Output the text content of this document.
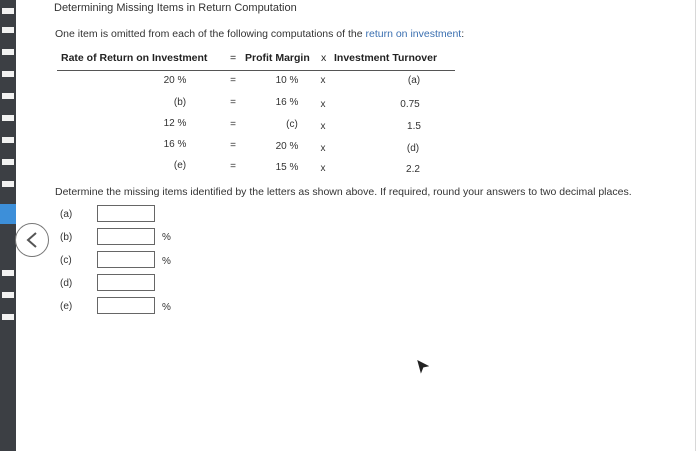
Determining Missing Items in Return Computation
One item is omitted from each of the following computations of the return on investment:
Rate of Return on Investment = Profit Margin x Investment Turnover
20 %	=	10 % x	(a)
(b)	=	16 % x	0.75
12 %	=	(c) x	1.5
16 %	=	20 % x	(d)
(e)	=	15 % x	2.2
Determine the missing items identified by the letters as shown above. If required, round your answers to two decimal places.
(a)
(b)	%
(c)	%
(d)
(e)	%
